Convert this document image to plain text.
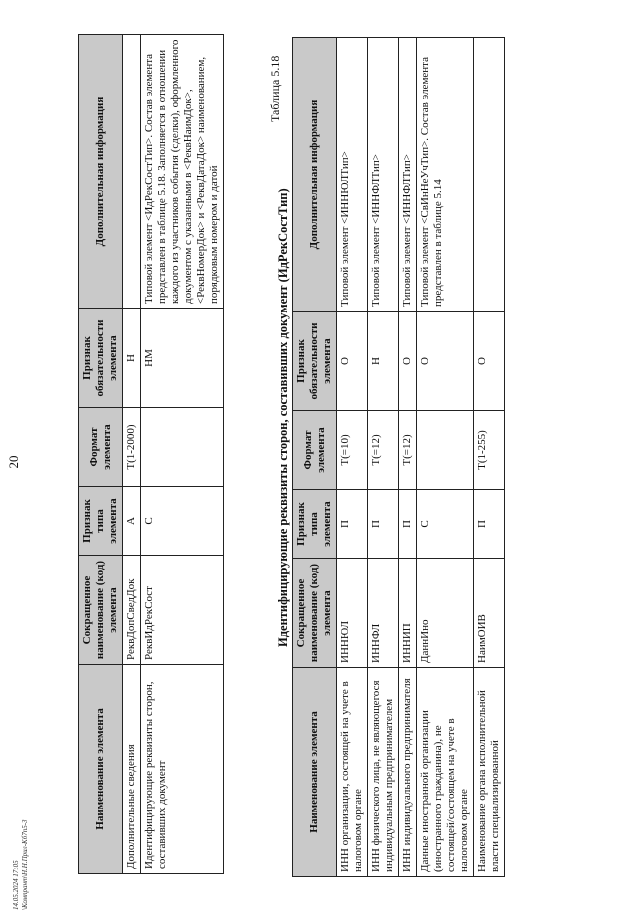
20
Наименование элемента	Сокращенное наименование (код) элемента	Признак типа элемента	Формат элемента	Признак обязательности элемента	Дополнительная информация
Дополнительные сведения	РеквДопСведДок	А	Т(1-2000)	Н	
Идентифицирующие реквизиты сторон, составивших документ	РеквИдРекСост	С		НМ	Типовой элемент <ИдРекСостТип>. Состав элемента представлен в таблице 5.18. Заполняется в отношении каждого из участников события (сделки), оформленного документом с указанными в <РеквНаимДок>, <РеквНомерДок> и <РеквДатаДок> наименованием, порядковым номером и датой
Таблица 5.18
Идентифицирующие реквизиты сторон, составивших документ (ИдРекСостТип)
Наименование элемента	Сокращенное наименование (код) элемента	Признак типа элемента	Формат элемента	Признак обязательности элемента	Дополнительная информация
ИНН организации, состоящей на учете в налоговом органе	ИННЮЛ	П	Т(=10)	О	Типовой элемент <ИННЮЛТип>
ИНН физического лица, не являющегося индивидуальным предпринимателем	ИННФЛ	П	Т(=12)	Н	Типовой элемент <ИННФЛТип>
ИНН индивидуального предпринимателя	ИННИП	П	Т(=12)	О	Типовой элемент <ИННФЛТип>
Данные иностранной организации (иностранного гражданина), не состоящей/состоящем на учете в налоговом органе	ДаннИно	С		О	Типовой элемент <СвИнНеУчТип>. Состав элемента представлен в таблице 5.14
Наименование органа исполнительной власти специализированной	НаимОИВ	П	Т(1-255)	О	
14.05.2024 17:05 \Компрант\Н.Н.Прил-Кб7п5-3
